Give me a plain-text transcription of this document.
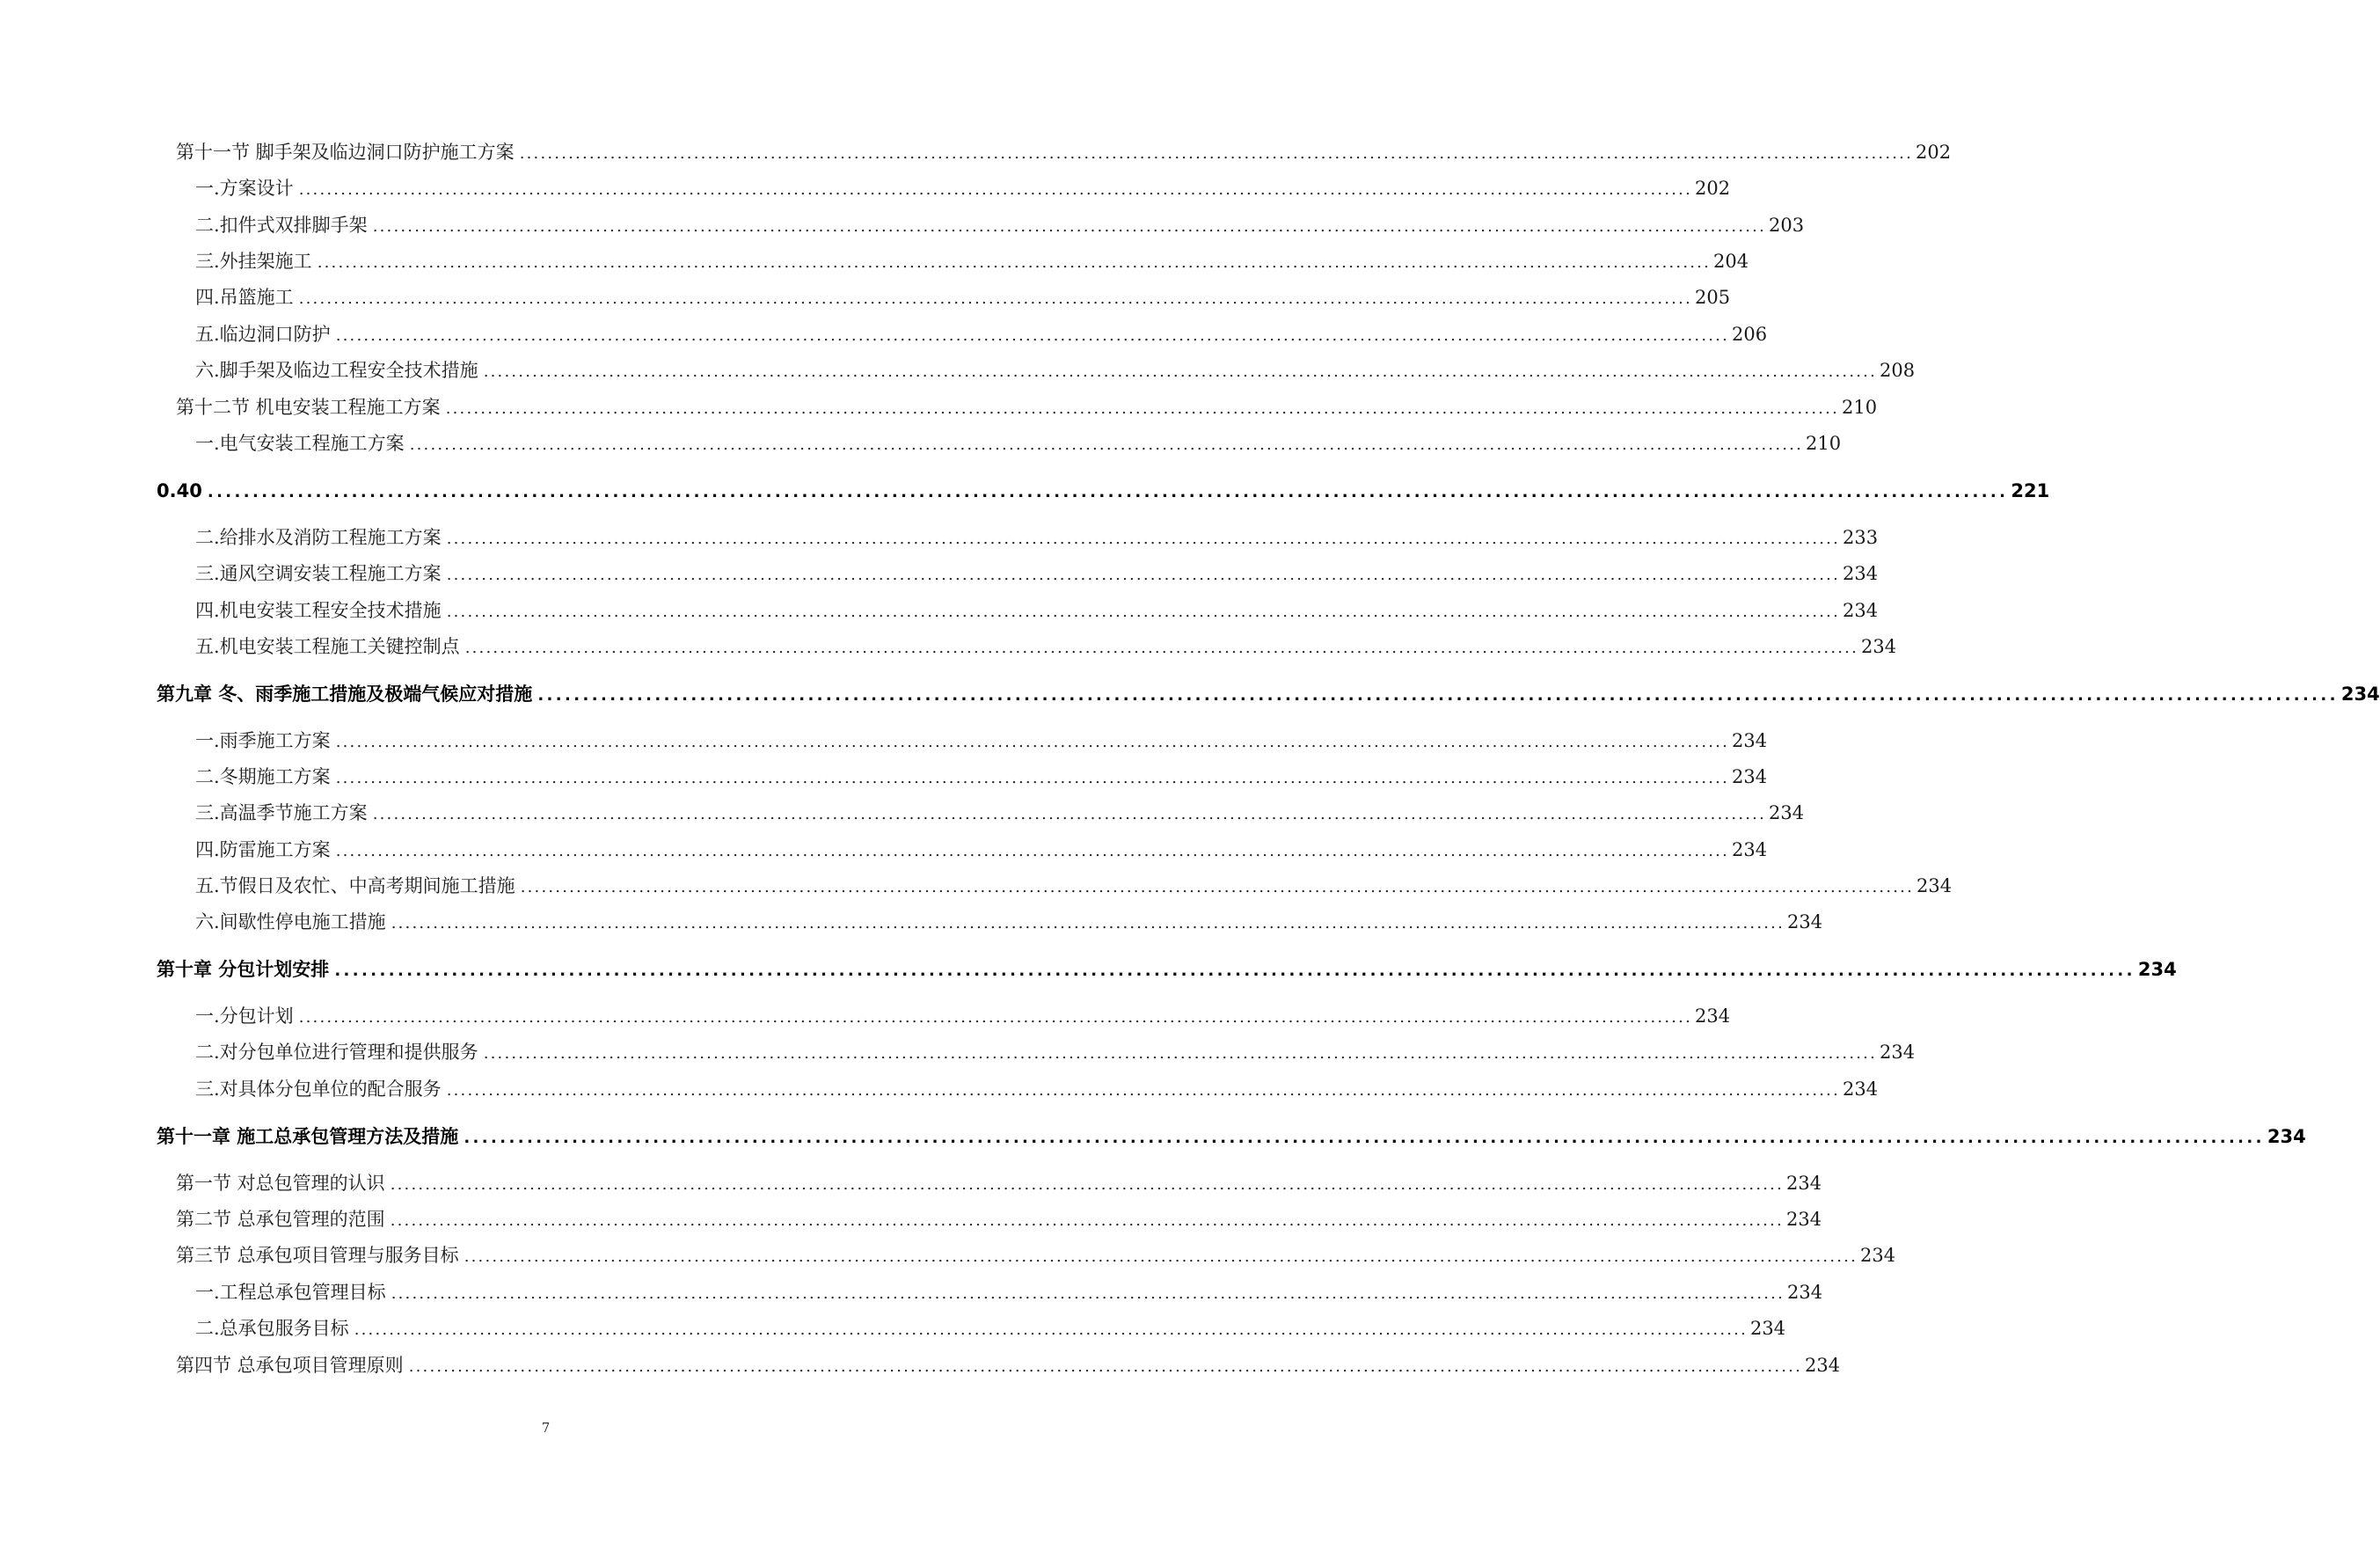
第十一节 脚手架及临边洞口防护施工方案 ........................................................................................................................................................................................................ 202
一.方案设计 ........................................................................................................................................................................................................ 202
二.扣件式双排脚手架 ........................................................................................................................................................................................................ 203
三.外挂架施工 ........................................................................................................................................................................................................ 204
四.吊篮施工 ........................................................................................................................................................................................................ 205
五.临边洞口防护 ........................................................................................................................................................................................................ 206
六.脚手架及临边工程安全技术措施 ........................................................................................................................................................................................................ 208
第十二节 机电安装工程施工方案 ........................................................................................................................................................................................................ 210
一.电气安装工程施工方案 ........................................................................................................................................................................................................ 210
0.40 ........................................................................................................................................................................................................ 221
二.给排水及消防工程施工方案 ........................................................................................................................................................................................................ 233
三.通风空调安装工程施工方案 ........................................................................................................................................................................................................ 234
四.机电安装工程安全技术措施 ........................................................................................................................................................................................................ 234
五.机电安装工程施工关键控制点 ........................................................................................................................................................................................................ 234
第九章 冬、雨季施工措施及极端气候应对措施 ........................................................................................................................................................................................................ 234
一.雨季施工方案 ........................................................................................................................................................................................................ 234
二.冬期施工方案 ........................................................................................................................................................................................................ 234
三.高温季节施工方案 ........................................................................................................................................................................................................ 234
四.防雷施工方案 ........................................................................................................................................................................................................ 234
五.节假日及农忙、中高考期间施工措施 ........................................................................................................................................................................................................ 234
六.间歇性停电施工措施 ........................................................................................................................................................................................................ 234
第十章 分包计划安排 ........................................................................................................................................................................................................ 234
一.分包计划 ........................................................................................................................................................................................................ 234
二.对分包单位进行管理和提供服务 ........................................................................................................................................................................................................ 234
三.对具体分包单位的配合服务 ........................................................................................................................................................................................................ 234
第十一章 施工总承包管理方法及措施 ........................................................................................................................................................................................................ 234
第一节 对总包管理的认识 ........................................................................................................................................................................................................ 234
第二节 总承包管理的范围 ........................................................................................................................................................................................................ 234
第三节 总承包项目管理与服务目标 ........................................................................................................................................................................................................ 234
一.工程总承包管理目标 ........................................................................................................................................................................................................ 234
二.总承包服务目标 ........................................................................................................................................................................................................ 234
第四节 总承包项目管理原则 ........................................................................................................................................................................................................ 234
7
